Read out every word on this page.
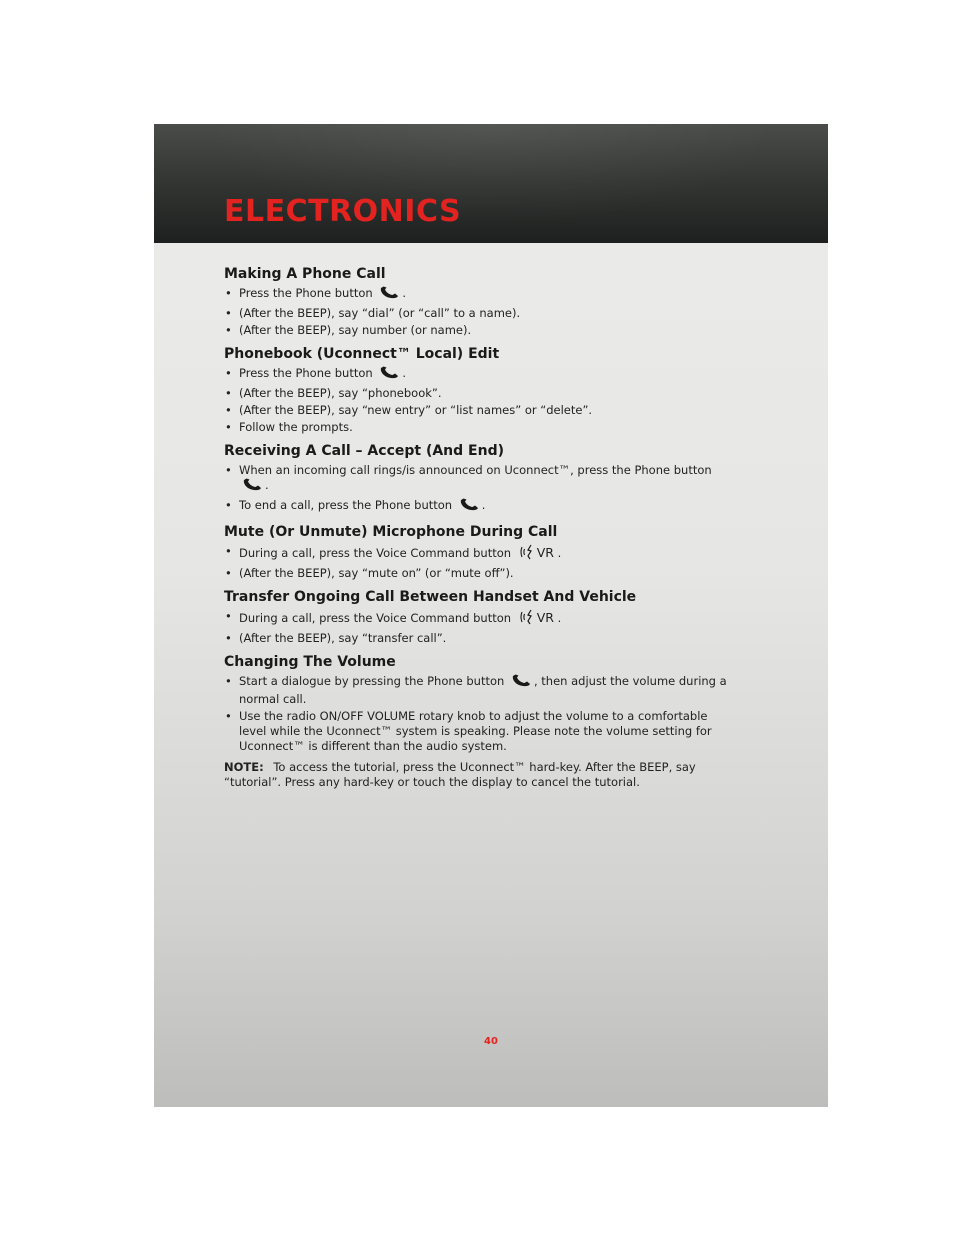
ELECTRONICS
Making A Phone Call
• Press the Phone button	.
• (After the BEEP), say “dial” (or “call” to a name).
• (After the BEEP), say number (or name).
Phonebook (Uconnect™ Local) Edit
• Press the Phone button	.
• (After the BEEP), say “phonebook”.
• (After the BEEP), say “new entry” or “list names” or “delete”.
• Follow the prompts.
Receiving A Call – Accept (And End)
• When an incoming call rings/is announced on Uconnect™, press the Phone button .
• To end a call, press the Phone button	.
Mute (Or Unmute) Microphone During Call
• During a call, press the Voice Command button VR .
• (After the BEEP), say “mute on” (or “mute off”).
Transfer Ongoing Call Between Handset And Vehicle
• During a call, press the Voice Command button VR .
• (After the BEEP), say “transfer call”.
Changing The Volume
• Start a dialogue by pressing the Phone button	, then adjust the volume during a normal call.
• Use the radio ON/OFF VOLUME rotary knob to adjust the volume to a comfortable level while the Uconnect™ system is speaking. Please note the volume setting for Uconnect™ is different than the audio system.
NOTE: To access the tutorial, press the Uconnect™ hard-key. After the BEEP, say “tutorial”. Press any hard-key or touch the display to cancel the tutorial.
40
